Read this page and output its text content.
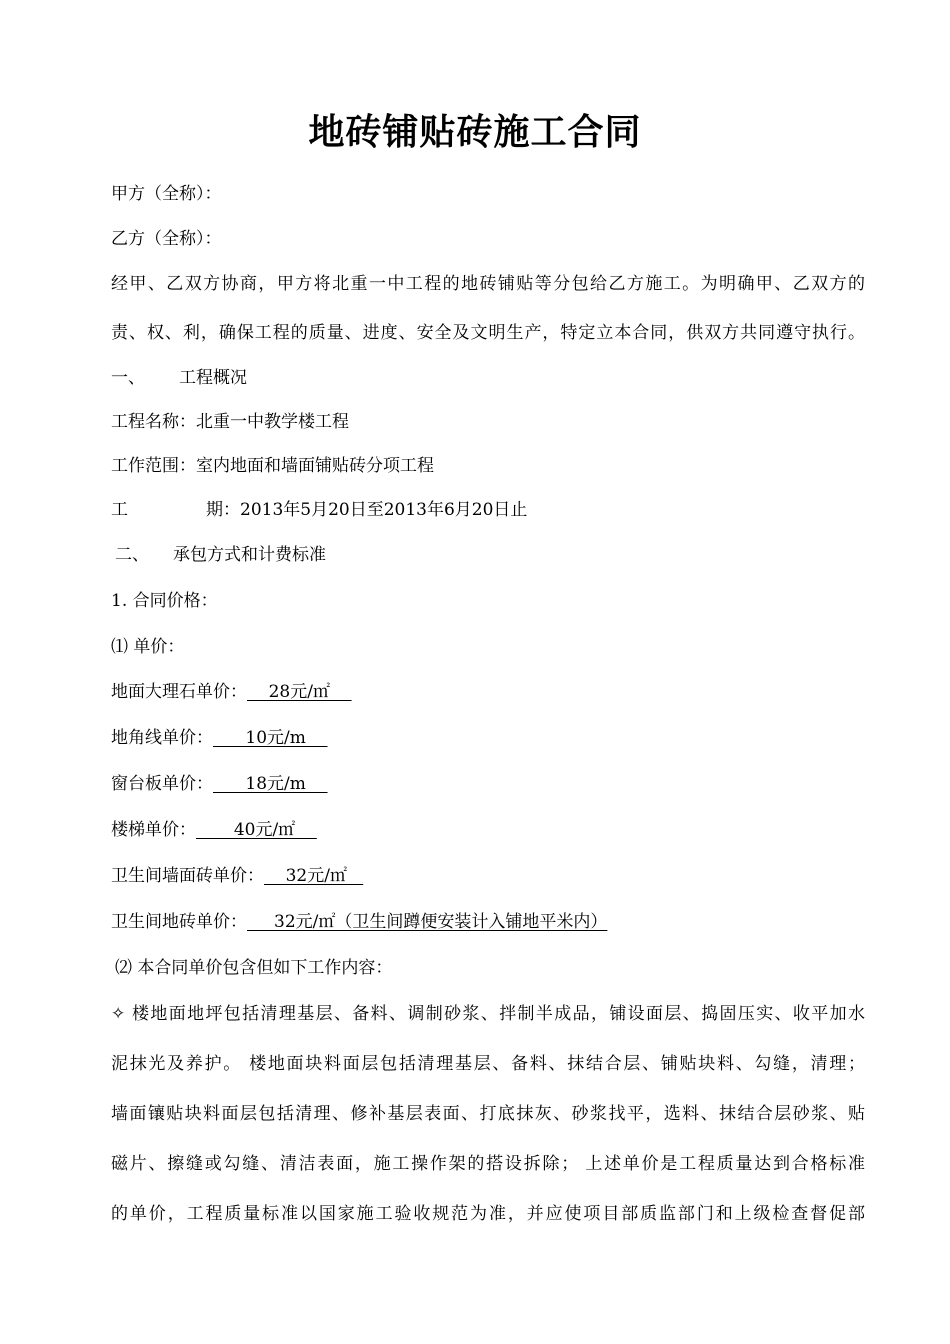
地砖铺贴砖施工合同
甲方（全称）：
乙方（全称）：
经甲、乙双方协商，甲方将北重一中工程的地砖铺贴等分包给乙方施工。为明确甲、乙双方的
责、权、利，确保工程的质量、进度、安全及文明生产，特定立本合同，供双方共同遵守执行。
一、 工程概况
工程名称：北重一中教学楼工程
工作范围：室内地面和墙面铺贴砖分项工程
工	期：2013年5月20日至2013年6月20日止
二、 承包方式和计费标准
1. 合同价格：
⑴ 单价：
地面大理石单价：    28元/㎡
地角线单价：      10元/m
窗台板单价：      18元/m
楼梯单价：       40元/㎡
卫生间墙面砖单价：    32元/㎡
卫生间地砖单价：     32元/㎡（卫生间蹲便安装计入铺地平米内）
⑵ 本合同单价包含但如下工作内容：
✧ 楼地面地坪包括清理基层、备料、调制砂浆、拌制半成品，铺设面层、捣固压实、收平加水
泥抹光及养护。 楼地面块料面层包括清理基层、备料、抹结合层、铺贴块料、勾缝，清理；
墙面镶贴块料面层包括清理、修补基层表面、打底抹灰、砂浆找平，选料、抹结合层砂浆、贴
磁片、擦缝或勾缝、清洁表面，施工操作架的搭设拆除； 上述单价是工程质量达到合格标准
的单价，工程质量标准以国家施工验收规范为准，并应使项目部质监部门和上级检查督促部
